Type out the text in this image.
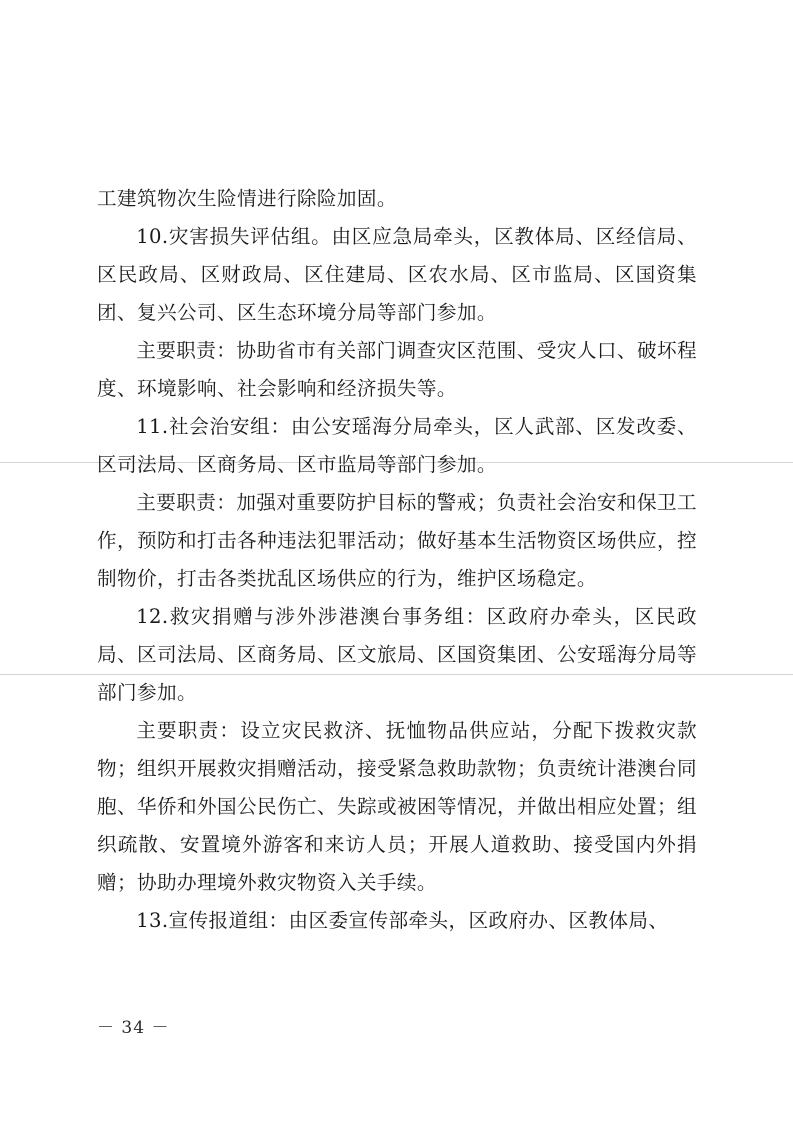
工建筑物次生险情进行除险加固。

10.灾害损失评估组。由区应急局牵头，区教体局、区经信局、区民政局、区财政局、区住建局、区农水局、区市监局、区国资集团、复兴公司、区生态环境分局等部门参加。

主要职责：协助省市有关部门调查灾区范围、受灾人口、破坏程度、环境影响、社会影响和经济损失等。

11.社会治安组：由公安瑶海分局牵头，区人武部、区发改委、区司法局、区商务局、区市监局等部门参加。

主要职责：加强对重要防护目标的警戒；负责社会治安和保卫工作，预防和打击各种违法犯罪活动；做好基本生活物资区场供应，控制物价，打击各类扰乱区场供应的行为，维护区场稳定。

12.救灾捐赠与涉外涉港澳台事务组：区政府办牵头，区民政局、区司法局、区商务局、区文旅局、区国资集团、公安瑶海分局等部门参加。

主要职责：设立灾民救济、抚恤物品供应站，分配下拨救灾款物；组织开展救灾捐赠活动，接受紧急救助款物；负责统计港澳台同胞、华侨和外国公民伤亡、失踪或被困等情况，并做出相应处置；组织疏散、安置境外游客和来访人员；开展人道救助、接受国内外捐赠；协助办理境外救灾物资入关手续。

13.宣传报道组：由区委宣传部牵头，区政府办、区教体局、

－ 34 －
